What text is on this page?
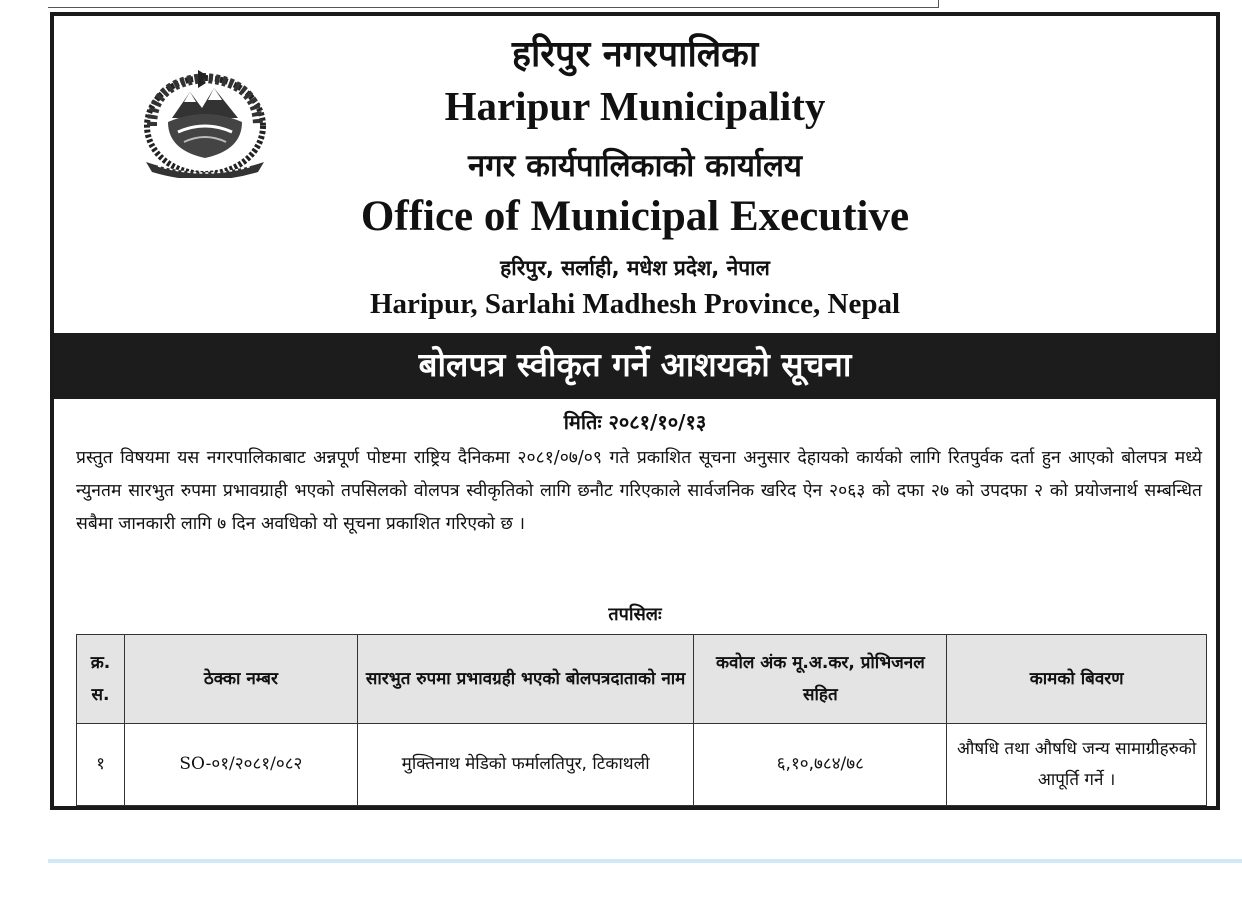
हरिपुर नगरपालिका
Haripur Municipality
नगर कार्यपालिकाको कार्यालय
Office of Municipal Executive
हरिपुर, सर्लाही, मधेश प्रदेश, नेपाल
Haripur, Sarlahi Madhesh Province, Nepal
बोलपत्र स्वीकृत गर्ने आशयको सूचना
मितिः २०८१/१०/१३
प्रस्तुत विषयमा यस नगरपालिकाबाट अन्नपूर्ण पोष्टमा राष्ट्रिय दैनिकमा २०८१/०७/०९ गते प्रकाशित सूचना अनुसार देहायको कार्यको लागि रितपुर्वक दर्ता हुन आएको बोलपत्र मध्ये न्युनतम सारभुत रुपमा प्रभावग्राही भएको तपसिलको वोलपत्र स्वीकृतिको लागि छनौट गरिएकाले सार्वजनिक खरिद ऐन २०६३ को दफा २७ को उपदफा २ को प्रयोजनार्थ सम्बन्धित सबैमा जानकारी लागि ७ दिन अवधिको यो सूचना प्रकाशित गरिएको छ ।
तपसिलः
क्र. स.	ठेक्का नम्बर	सारभुत रुपमा प्रभावग्रही भएको बोलपत्रदाताको नाम	कवोल अंक मू.अ.कर, प्रोभिजनल सहित	कामको बिवरण
१	SO-०१/२०८१/०८२	मुक्तिनाथ मेडिको फर्मालतिपुर, टिकाथली	६,१०,७८४/७८	औषधि तथा औषधि जन्य सामाग्रीहरुको आपूर्ति गर्ने ।
